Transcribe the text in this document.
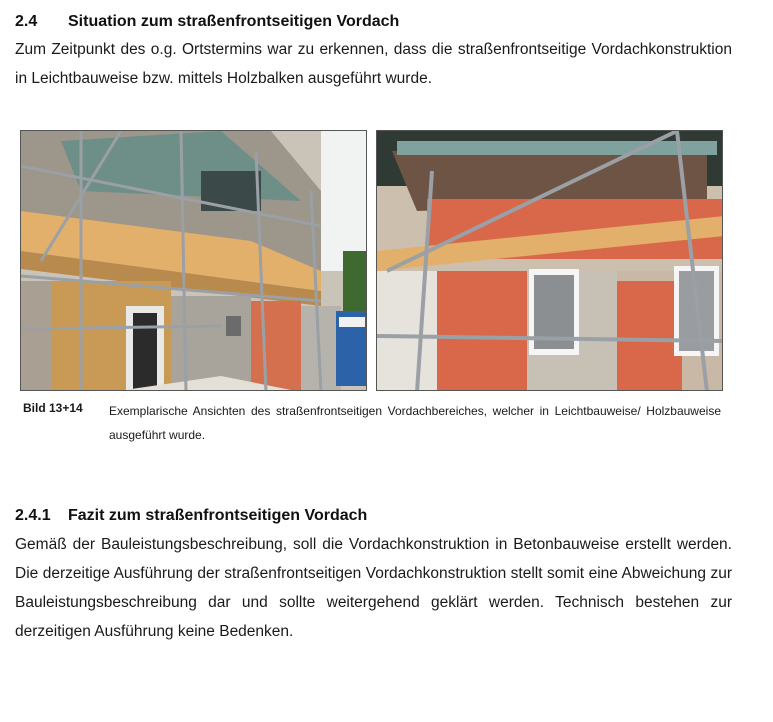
2.4 Situation zum straßenfrontseitigen Vordach

Zum Zeitpunkt des o.g. Ortstermins war zu erkennen, dass die straßenfrontseitige Vordachkonstruktion in Leichtbauweise bzw. mittels Holzbalken ausgeführt wurde.

Bild 13+14 Exemplarische Ansichten des straßenfrontseitigen Vordachbereiches, welcher in Leichtbauweise/ Holzbauweise ausgeführt wurde.

2.4.1 Fazit zum straßenfrontseitigen Vordach

Gemäß der Bauleistungsbeschreibung, soll die Vordachkonstruktion in Betonbauweise erstellt werden. Die derzeitige Ausführung der straßenfrontseitigen Vordachkonstruktion stellt somit eine Abweichung zur Bauleistungsbeschreibung dar und sollte weitergehend geklärt werden. Technisch bestehen zur derzeitigen Ausführung keine Bedenken.
